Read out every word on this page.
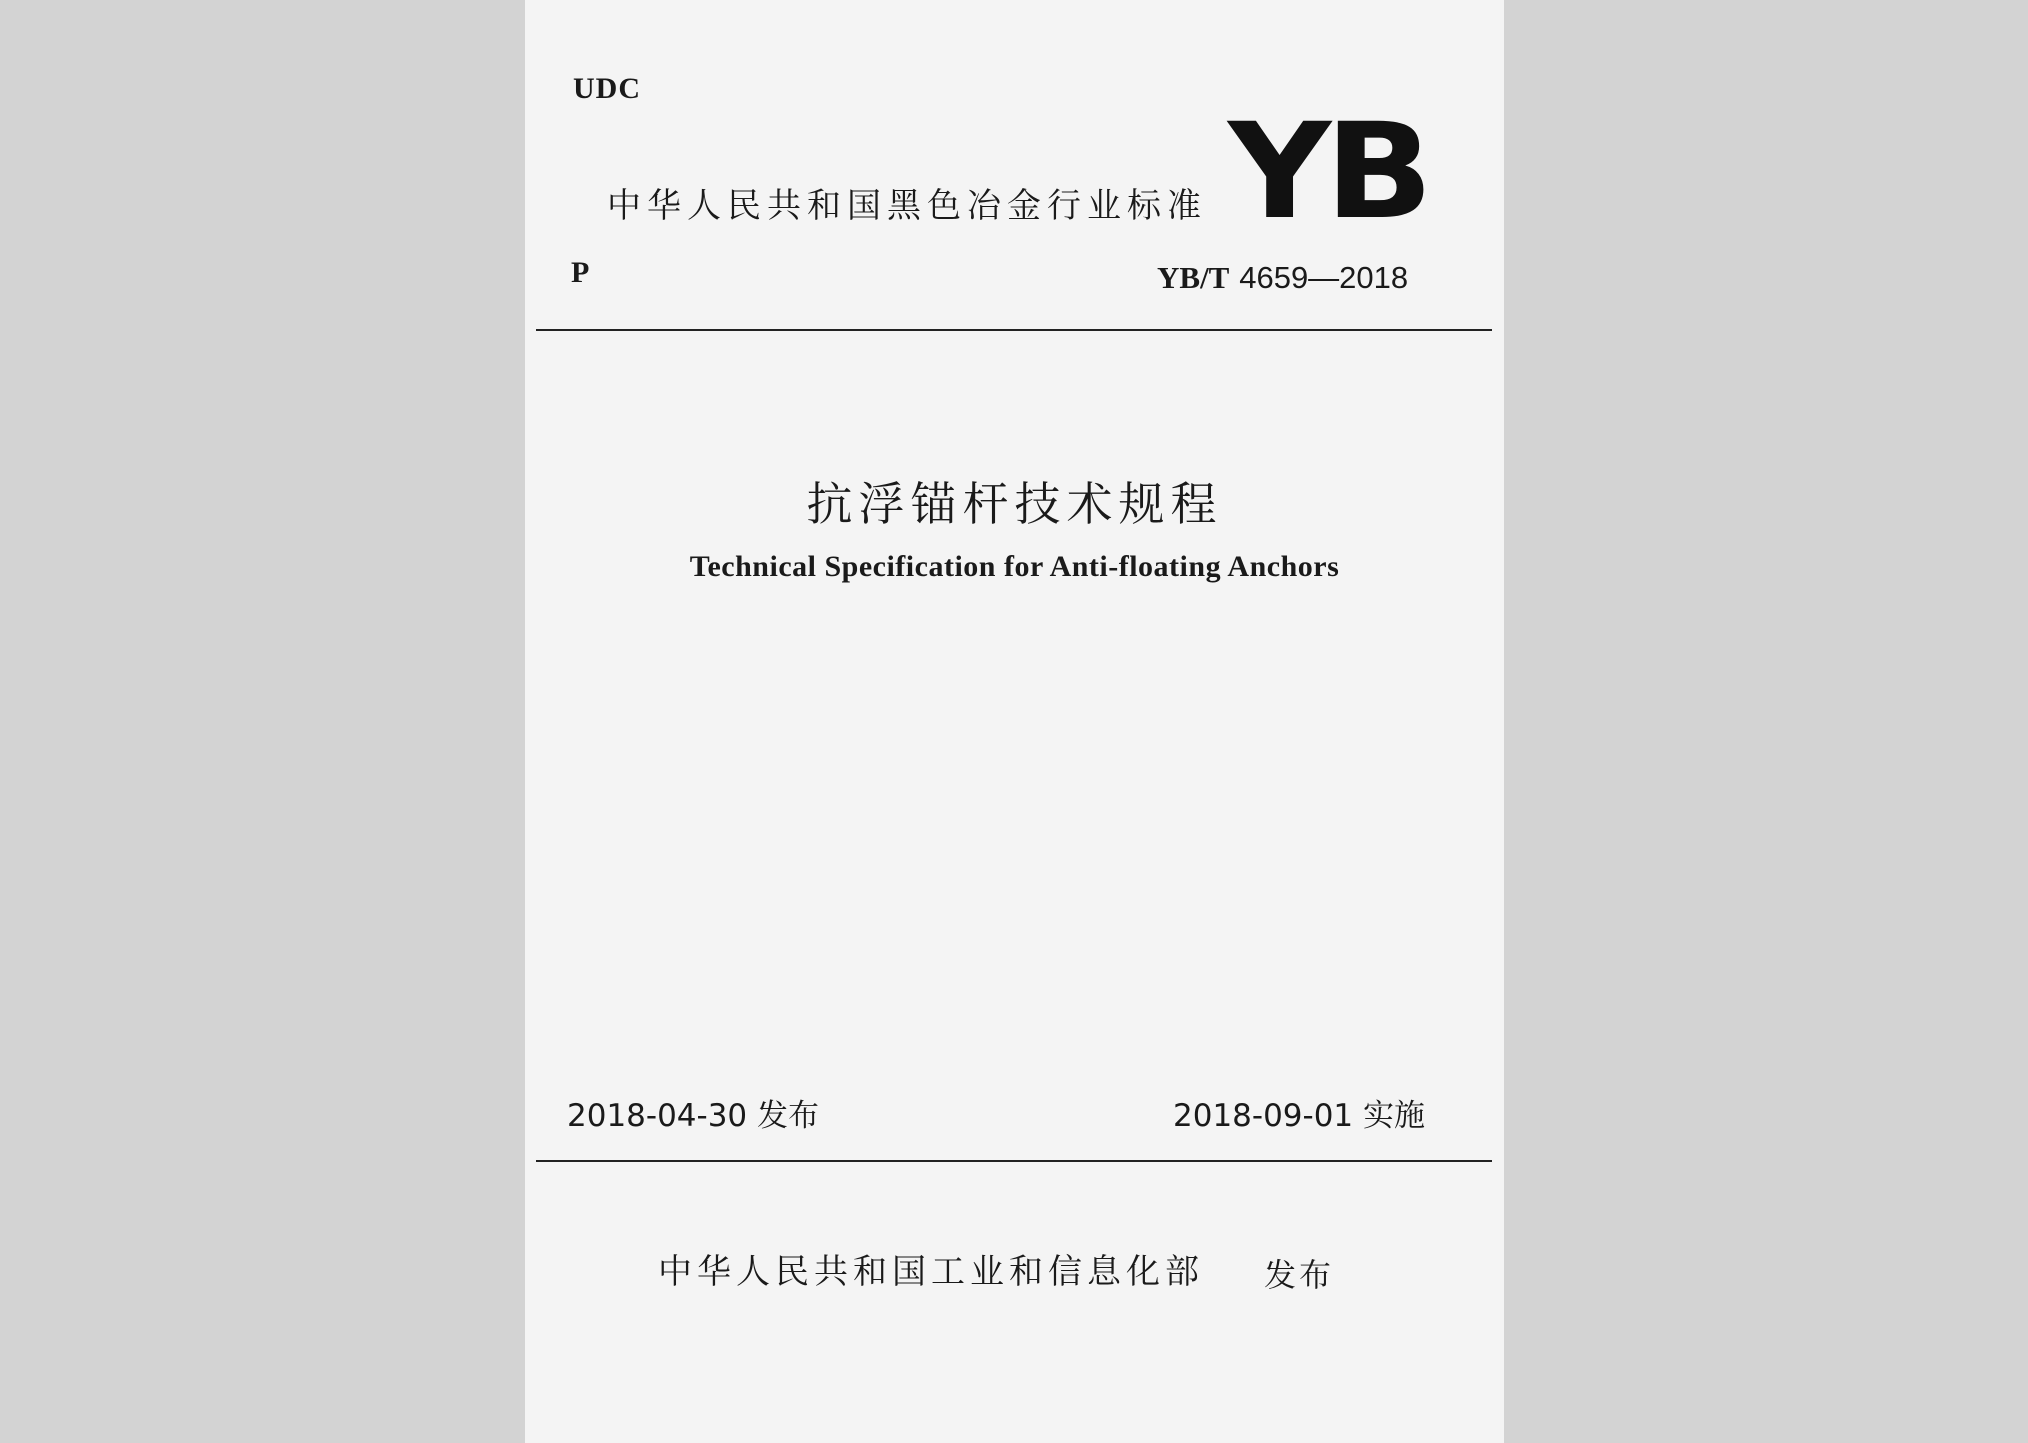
UDC
中华人民共和国黑色冶金行业标准 YB
P	YB/T 4659—2018
抗浮锚杆技术规程
Technical Specification for Anti-floating Anchors
2018-04-30 发布	2018-09-01 实施
中华人民共和国工业和信息化部 发布
